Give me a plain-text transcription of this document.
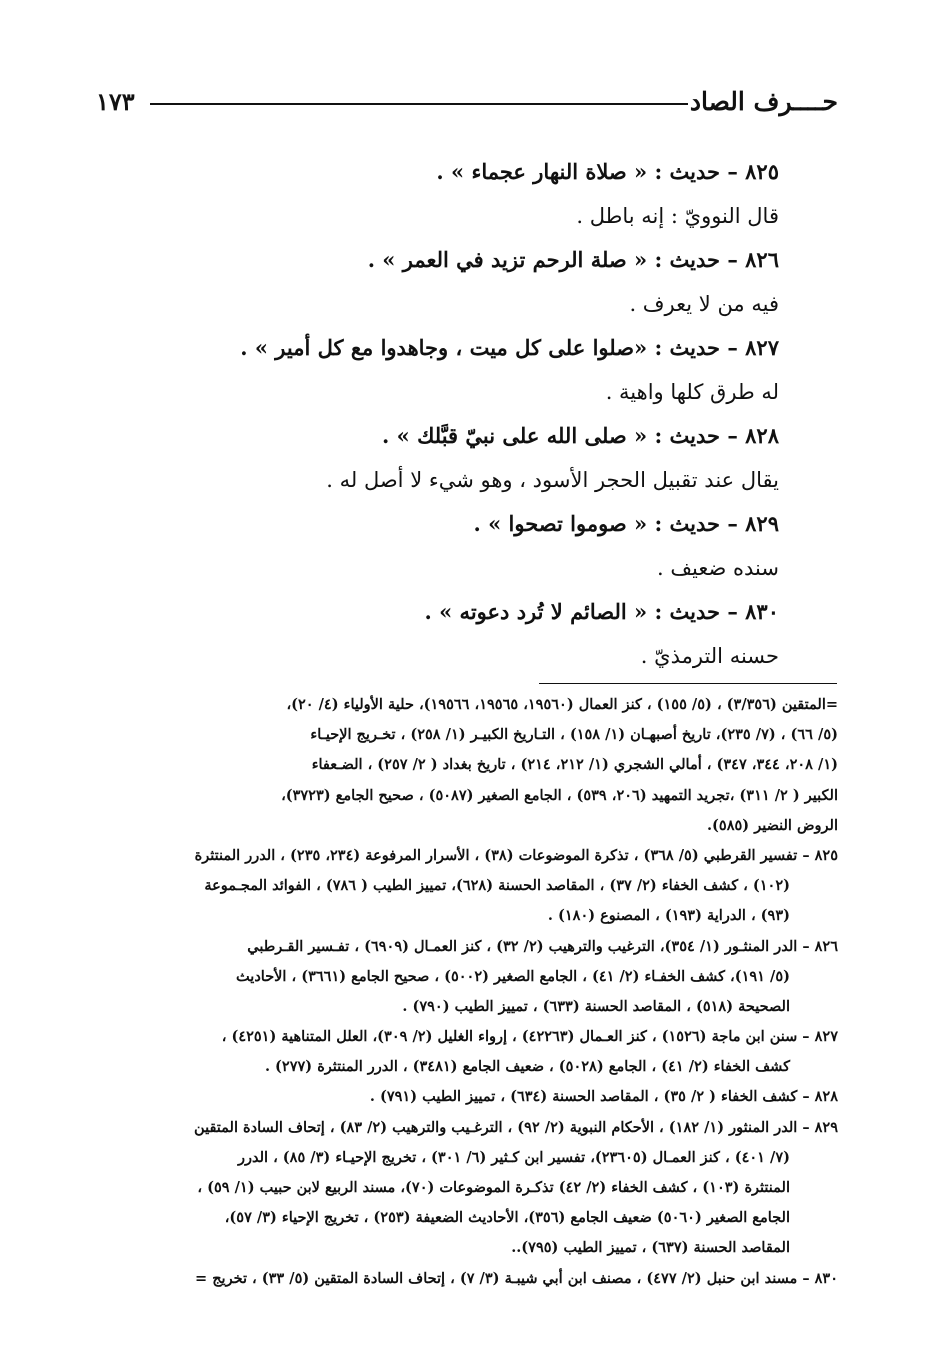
حــــرف الصاد
١٧٣
٨٢٥ – حديث : « صلاة النهار عجماء » .
قال النوويّ : إنه باطل .
٨٢٦ – حديث : « صلة الرحم تزيد في العمر » .
فيه من لا يعرف .
٨٢٧ – حديث : «صلوا على كل ميت ، وجاهدوا مع كل أمير » .
له طرق كلها واهية .
٨٢٨ – حديث : « صلى الله على نبيّ قبَّلك » .
يقال عند تقبيل الحجر الأسود ، وهو شيء لا أصل له .
٨٢٩ – حديث : « صوموا تصحوا » .
سنده ضعيف .
٨٣٠ – حديث : « الصائم لا تُرد دعوته » .
حسنه الترمذيّ .
=المتقين (٣/٣٥٦) ، (٥/ ١٥٥) ، كنز العمال (١٩٥٦٠، ١٩٥٦٥، ١٩٥٦٦)، حلية الأولياء (٤/ ٢٠)،
(٥/ ٦٦) ، (٧/ ٢٣٥)، تاريخ أصبهـان (١/ ١٥٨) ، التـاريخ الكبيـر (١/ ٢٥٨) ، تخـريج الإحيـاء
(١/ ٢٠٨، ٣٤٤، ٣٤٧) ، أمالي الشجري (١/ ٢١٢، ٢١٤) ، تاريخ بغداد ( ٢/ ٢٥٧) ، الضـعفاء
الكبير ( ٢/ ٣١١) ،تجريد التمهيد (٢٠٦، ٥٣٩) ، الجامع الصغير (٥٠٨٧) ، صحيح الجامع (٣٧٢٣)،
الروض النضير (٥٨٥).
٨٢٥ – تفسير القرطبي (٥/ ٣٦٨) ، تذكرة الموضوعات (٣٨) ، الأسرار المرفوعة (٢٣٤، ٢٣٥) ، الدرر المنتثرة
(١٠٢) ، كشف الخفاء (٢/ ٣٧) ، المقاصد الحسنة (٦٢٨)، تمييز الطيب ( ٧٨٦) ، الفوائد المجـموعة
(٩٣) ، الدراية (١٩٣) ، المصنوع (١٨٠) .
٨٢٦ – الدر المنثـور (١/ ٣٥٤)، الترغيب والترهيب (٢/ ٣٢) ، كنز العمـال (٦٩٠٩) ، تفـسير القـرطبي
(٥/ ١٩١)، كشف الخفـاء (٢/ ٤١) ، الجامع الصغير (٥٠٠٢) ، صحيح الجامع (٣٦٦١) ، الأحاديث
الصحيحة (٥١٨) ، المقاصد الحسنة (٦٣٣) ، تمييز الطيب (٧٩٠) .
٨٢٧ – سنن ابن ماجة (١٥٢٦) ، كنز العـمال (٤٢٢٦٣) ، إرواء الغليل (٢/ ٣٠٩)، العلل المتناهية (٤٢٥١) ،
كشف الخفاء (٢/ ٤١) ، الجامع (٥٠٢٨) ، ضعيف الجامع (٣٤٨١) ، الدرر المنتثرة (٢٧٧) .
٨٢٨ – كشف الخفاء ( ٢/ ٣٥) ، المقاصد الحسنة (٦٣٤) ، تمييز الطيب (٧٩١) .
٨٢٩ – الدر المنثور (١/ ١٨٢) ، الأحكام النبوية (٢/ ٩٢) ، الترغـيب والترهيب (٢/ ٨٣) ، إتحاف السادة المتقين
(٧/ ٤٠١) ، كنز العمـال (٢٣٦٠٥)، تفسير ابن كـثير (٦/ ٣٠١) ، تخريج الإحيـاء (٣/ ٨٥) ، الدرر
المنتثرة (١٠٣) ، كشف الخفاء (٢/ ٤٢) تذكـرة الموضوعات (٧٠)، مسند الربيع لابن حبيب (١/ ٥٩) ،
الجامع الصغير (٥٠٦٠) ضعيف الجامع (٣٥٦)، الأحاديث الضعيفة (٢٥٣) ، تخريج الإحياء (٣/ ٥٧)،
المقاصد الحسنة (٦٣٧) ، تمييز الطيب (٧٩٥)..
٨٣٠ – مسند ابن حنبل (٢/ ٤٧٧) ، مصنف ابن أبي شيبـة (٣/ ٧) ، إتحاف السادة المتقين (٥/ ٣٣) ، تخريج =
